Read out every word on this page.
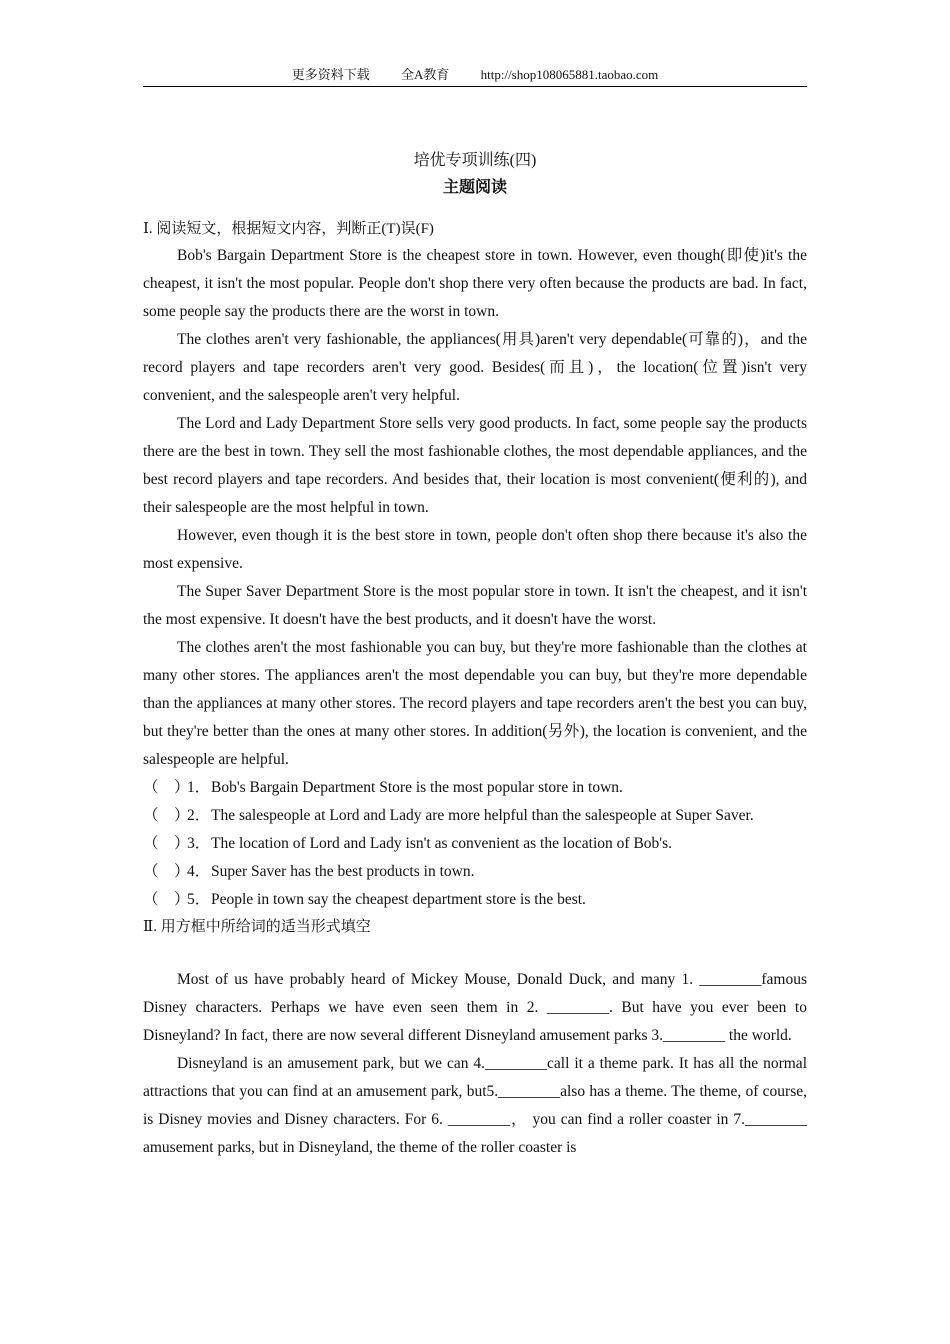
更多资料下载 全A教育 http://shop108065881.taobao.com

培优专项训练(四)

主题阅读

Ⅰ. 阅读短文，根据短文内容，判断正(T)误(F)

Bob's Bargain Department Store is the cheapest store in town. However, even though(即使)it's the cheapest, it isn't the most popular. People don't shop there very often because the products are bad. In fact, some people say the products there are the worst in town.

The clothes aren't very fashionable, the appliances(用具)aren't very dependable(可靠的)，and the record players and tape recorders aren't very good. Besides(而且)，the location(位置)isn't very convenient, and the salespeople aren't very helpful.

The Lord and Lady Department Store sells very good products. In fact, some people say the products there are the best in town. They sell the most fashionable clothes, the most dependable appliances, and the best record players and tape recorders. And besides that, their location is most convenient(便利的), and their salespeople are the most helpful in town.

However, even though it is the best store in town, people don't often shop there because it's also the most expensive.

The Super Saver Department Store is the most popular store in town. It isn't the cheapest, and it isn't the most expensive. It doesn't have the best products, and it doesn't have the worst.

The clothes aren't the most fashionable you can buy, but they're more fashionable than the clothes at many other stores. The appliances aren't the most dependable you can buy, but they're more dependable than the appliances at many other stores. The record players and tape recorders aren't the best you can buy, but they're better than the ones at many other stores. In addition(另外), the location is convenient, and the salespeople are helpful.

（　）1．Bob's Bargain Department Store is the most popular store in town.
（　）2．The salespeople at Lord and Lady are more helpful than the salespeople at Super Saver.
（　）3．The location of Lord and Lady isn't as convenient as the location of Bob's.
（　）4．Super Saver has the best products in town.
（　）5．People in town say the cheapest department store is the best.

Ⅱ. 用方框中所给词的适当形式填空

Most of us have probably heard of Mickey Mouse, Donald Duck, and many 1. ________famous Disney characters. Perhaps we have even seen them in 2. ________. But have you ever been to Disneyland? In fact, there are now several different Disneyland amusement parks 3.________ the world.

Disneyland is an amusement park, but we can 4.________call it a theme park. It has all the normal attractions that you can find at an amusement park, but5.________also has a theme. The theme, of course, is Disney movies and Disney characters. For 6. ________， you can find a roller coaster in 7.________ amusement parks, but in Disneyland, the theme of the roller coaster is
